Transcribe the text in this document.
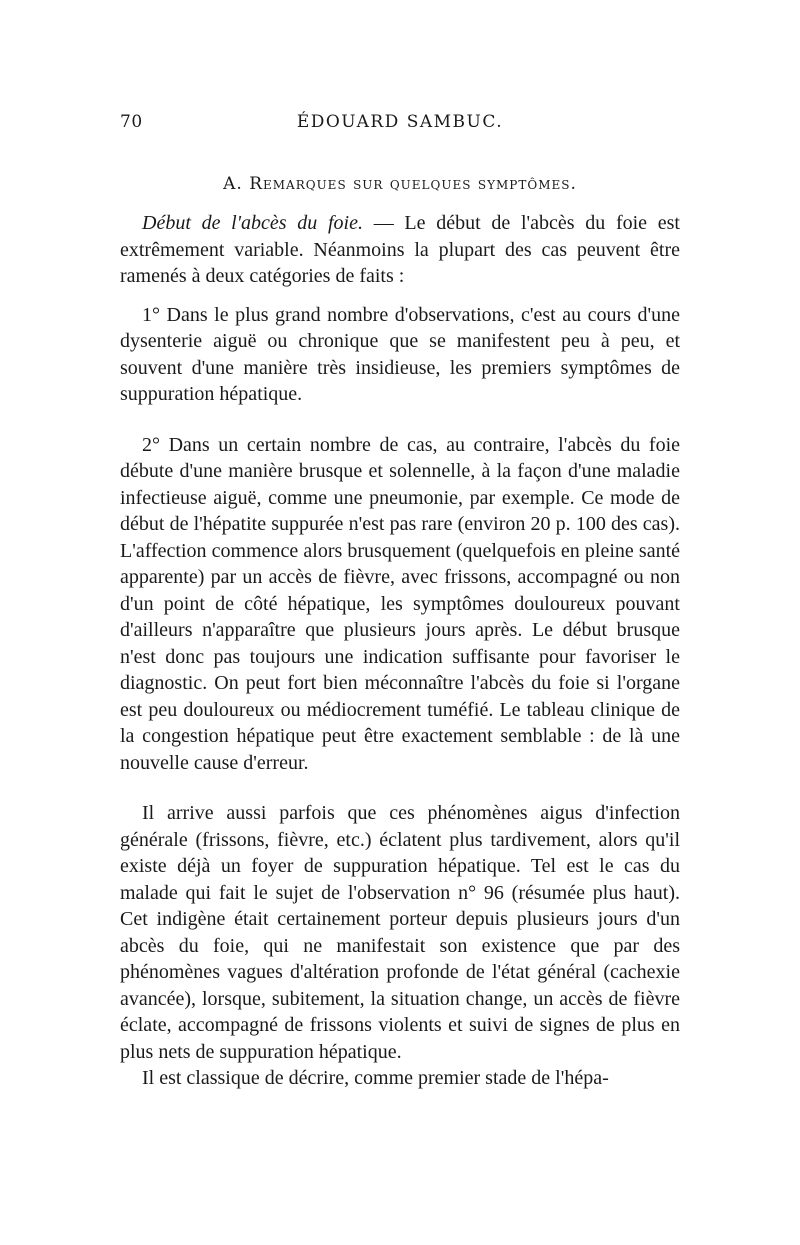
70	ÉDOUARD SAMBUC.
A. Remarques sur quelques symptômes.

Début de l'abcès du foie. — Le début de l'abcès du foie est extrêmement variable. Néanmoins la plupart des cas peuvent être ramenés à deux catégories de faits :

1° Dans le plus grand nombre d'observations, c'est au cours d'une dysenterie aiguë ou chronique que se manifestent peu à peu, et souvent d'une manière très insidieuse, les premiers symptômes de suppuration hépatique.

2° Dans un certain nombre de cas, au contraire, l'abcès du foie débute d'une manière brusque et solennelle, à la façon d'une maladie infectieuse aiguë, comme une pneumonie, par exemple. Ce mode de début de l'hépatite suppurée n'est pas rare (environ 20 p. 100 des cas). L'affection commence alors brusquement (quelquefois en pleine santé apparente) par un accès de fièvre, avec frissons, accompagné ou non d'un point de côté hépatique, les symptômes douloureux pouvant d'ailleurs n'apparaître que plusieurs jours après. Le début brusque n'est donc pas toujours une indication suffisante pour favoriser le diagnostic. On peut fort bien méconnaître l'abcès du foie si l'organe est peu douloureux ou médiocrement tuméfié. Le tableau clinique de la congestion hépatique peut être exactement semblable : de là une nouvelle cause d'erreur.

Il arrive aussi parfois que ces phénomènes aigus d'infection générale (frissons, fièvre, etc.) éclatent plus tardivement, alors qu'il existe déjà un foyer de suppuration hépatique. Tel est le cas du malade qui fait le sujet de l'observation n° 96 (résumée plus haut). Cet indigène était certainement porteur depuis plusieurs jours d'un abcès du foie, qui ne manifestait son existence que par des phénomènes vagues d'altération profonde de l'état général (cachexie avancée), lorsque, subitement, la situation change, un accès de fièvre éclate, accompagné de frissons violents et suivi de signes de plus en plus nets de suppuration hépatique.

Il est classique de décrire, comme premier stade de l'hépa-
